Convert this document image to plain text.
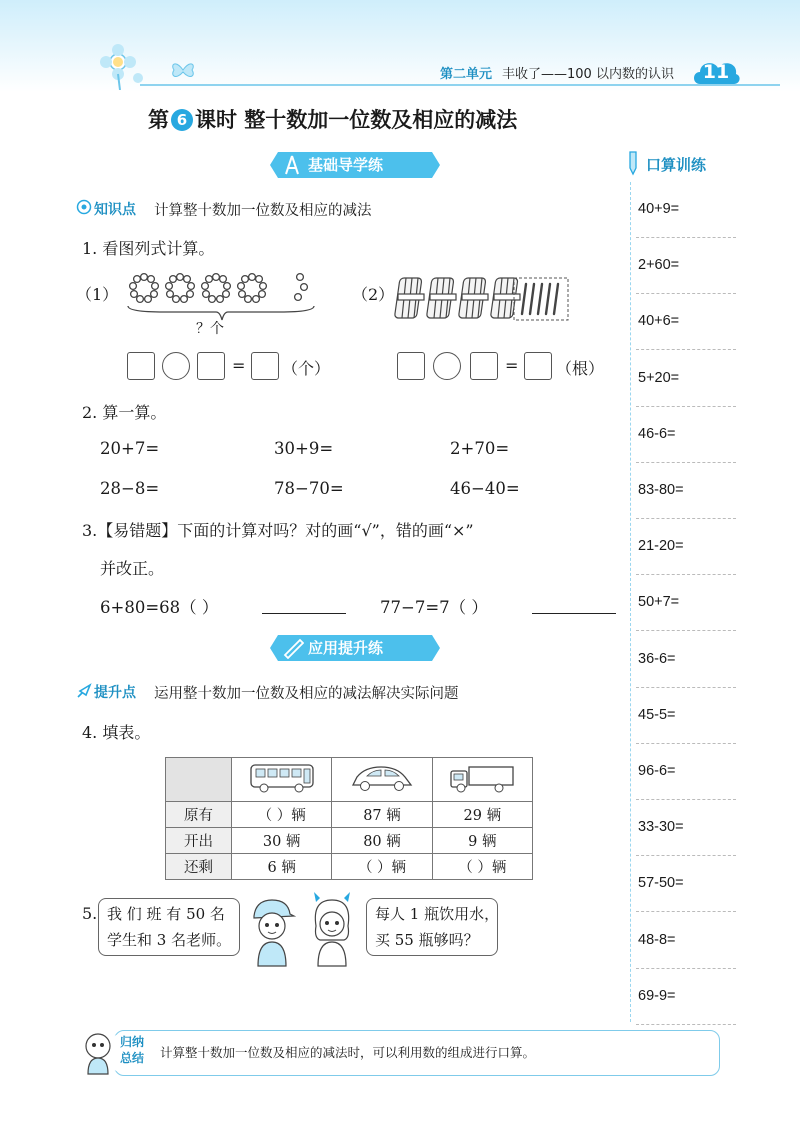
第二单元 丰收了——100 以内数的认识	11
第 6 课时 整十数加一位数及相应的减法
基础导学练
知识点 计算整十数加一位数及相应的减法
1. 看图列式计算。
（1）
？个
（2）
= （个）	= （根）
2. 算一算。
20+7=	30+9=	2+70=
28−8=	78−70=	46−40=
3.【易错题】下面的计算对吗？对的画“√”，错的画“×”
并改正。
6+80=68（ ）	77−7=7（ ）
应用提升练
提升点 运用整十数加一位数及相应的减法解决实际问题
4. 填表。

原有	（ ）辆	87 辆	29 辆
开出	30 辆	80 辆	9 辆
还剩	6 辆	（ ）辆	（ ）辆
5. 我 们 班 有 50 名
学生和 3 名老师。
每人 1 瓶饮用水，
买 55 瓶够吗？
口算训练
40+9=
2+60=
40+6=
5+20=
46-6=
83-80=
21-20=
50+7=
36-6=
45-5=
96-6=
33-30=
57-50=
48-8=
69-9=
归纳
总结	计算整十数加一位数及相应的减法时，可以利用数的组成进行口算。
